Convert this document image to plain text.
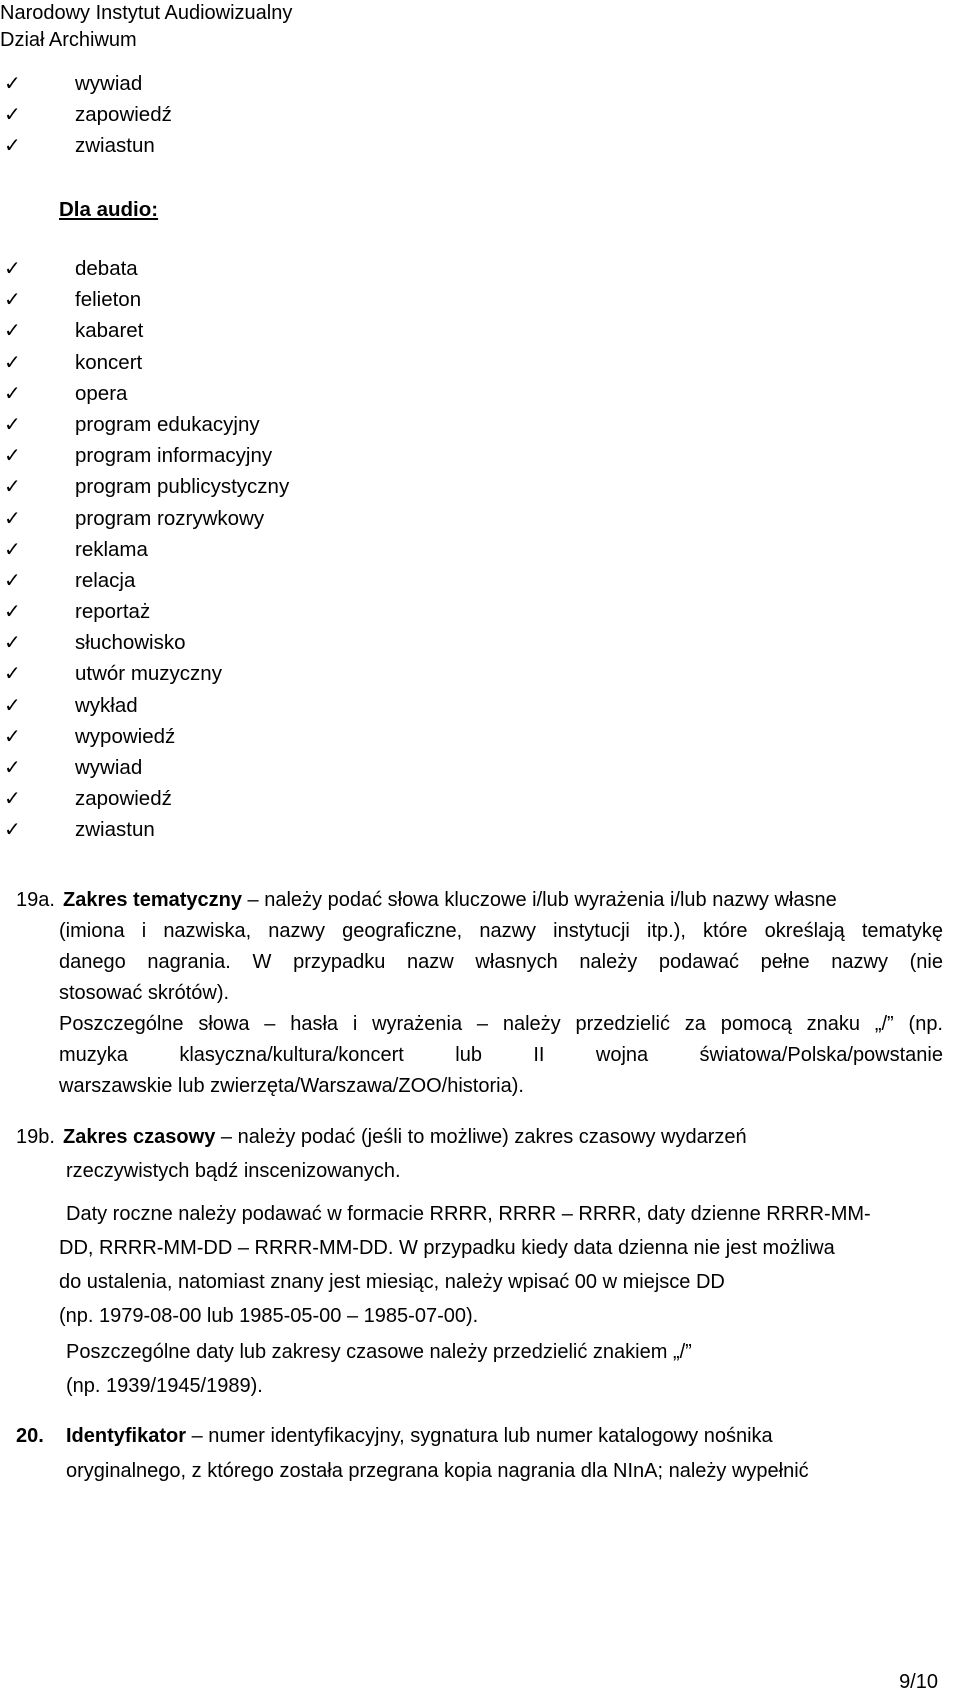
Narodowy Instytut Audiowizualny
Dział Archiwum
✓	wywiad
✓	zapowiedź
✓	zwiastun
Dla audio:
✓	debata
✓	felieton
✓	kabaret
✓	koncert
✓	opera
✓	program edukacyjny
✓	program informacyjny
✓	program publicystyczny
✓	program rozrywkowy
✓	reklama
✓	relacja
✓	reportaż
✓	słuchowisko
✓	utwór muzyczny
✓	wykład
✓	wypowiedź
✓	wywiad
✓	zapowiedź
✓	zwiastun
19a. Zakres tematyczny – należy podać słowa kluczowe i/lub wyrażenia i/lub nazwy własne
(imiona i nazwiska, nazwy geograficzne, nazwy instytucji itp.), które określają tematykę
danego nagrania. W przypadku nazw własnych należy podawać pełne nazwy (nie
stosować skrótów).
Poszczególne słowa – hasła i wyrażenia – należy przedzielić za pomocą znaku „/” (np.
muzyka klasyczna/kultura/koncert lub II wojna światowa/Polska/powstanie
warszawskie lub zwierzęta/Warszawa/ZOO/historia).
19b. Zakres czasowy – należy podać (jeśli to możliwe) zakres czasowy wydarzeń
rzeczywistych bądź inscenizowanych.
Daty roczne należy podawać w formacie RRRR, RRRR – RRRR, daty dzienne RRRR-MM-
DD, RRRR-MM-DD – RRRR-MM-DD. W przypadku kiedy data dzienna nie jest możliwa
do ustalenia, natomiast znany jest miesiąc, należy wpisać 00 w miejsce DD
(np. 1979-08-00 lub 1985-05-00 – 1985-07-00).
Poszczególne daty lub zakresy czasowe należy przedzielić znakiem „/”
(np. 1939/1945/1989).
20. Identyfikator – numer identyfikacyjny, sygnatura lub numer katalogowy nośnika
oryginalnego, z którego została przegrana kopia nagrania dla NInA; należy wypełnić
9/10
